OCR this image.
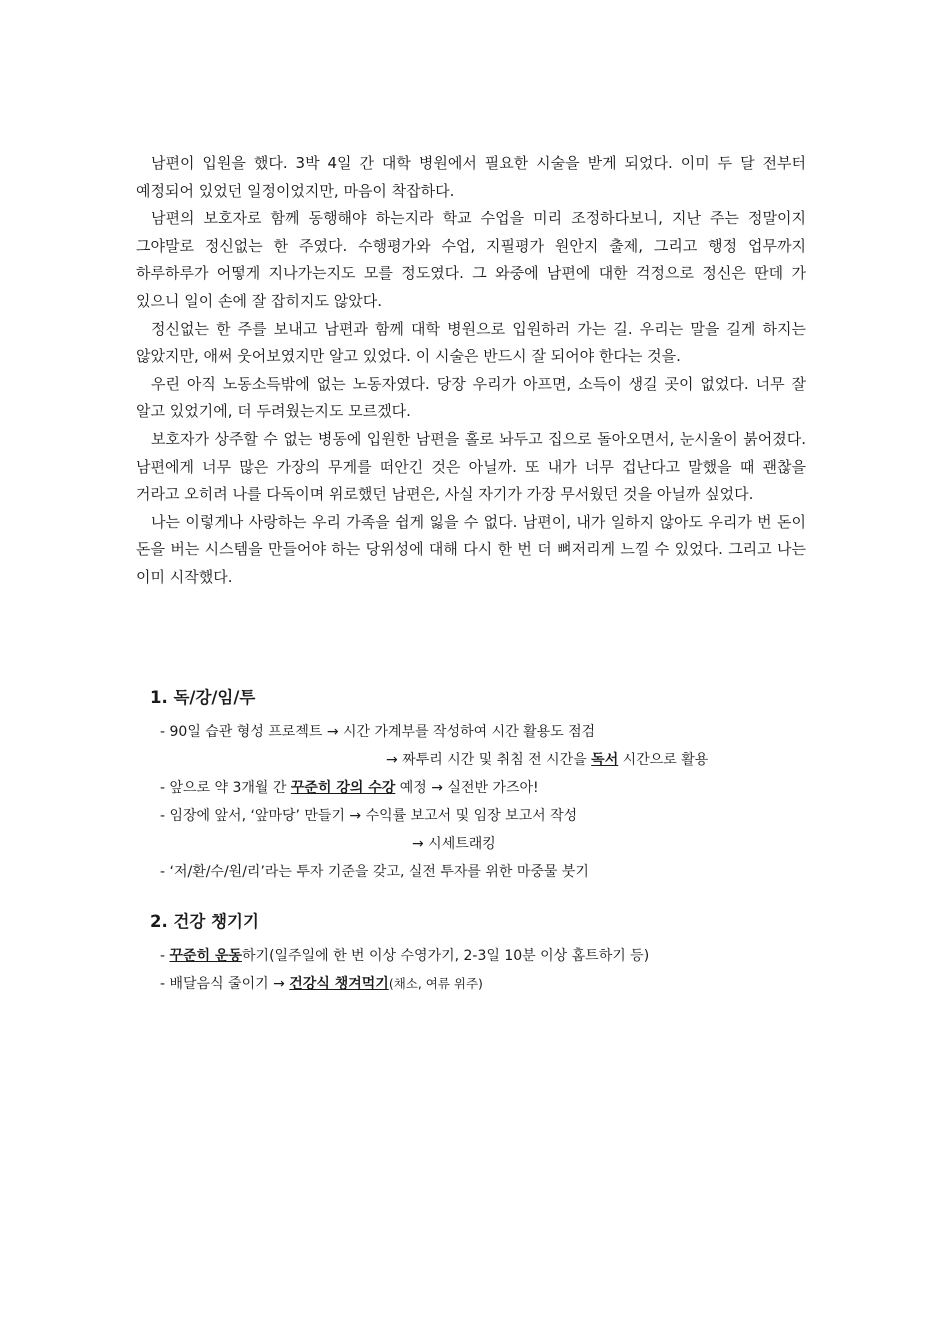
남편이 입원을 했다. 3박 4일 간 대학 병원에서 필요한 시술을 받게 되었다. 이미 두 달 전부터 예정되어 있었던 일정이었지만, 마음이 착잡하다.

남편의 보호자로 함께 동행해야 하는지라 학교 수업을 미리 조정하다보니, 지난 주는 정말이지 그야말로 정신없는 한 주였다. 수행평가와 수업, 지필평가 원안지 출제, 그리고 행정 업무까지 하루하루가 어떻게 지나가는지도 모를 정도였다. 그 와중에 남편에 대한 걱정으로 정신은 딴데 가 있으니 일이 손에 잘 잡히지도 않았다.

정신없는 한 주를 보내고 남편과 함께 대학 병원으로 입원하러 가는 길. 우리는 말을 길게 하지는 않았지만, 애써 웃어보였지만 알고 있었다. 이 시술은 반드시 잘 되어야 한다는 것을.

우린 아직 노동소득밖에 없는 노동자였다. 당장 우리가 아프면, 소득이 생길 곳이 없었다. 너무 잘 알고 있었기에, 더 두려웠는지도 모르겠다.

보호자가 상주할 수 없는 병동에 입원한 남편을 홀로 놔두고 집으로 돌아오면서, 눈시울이 붉어졌다. 남편에게 너무 많은 가장의 무게를 떠안긴 것은 아닐까. 또 내가 너무 겁난다고 말했을 때 괜찮을 거라고 오히려 나를 다독이며 위로했던 남편은, 사실 자기가 가장 무서웠던 것을 아닐까 싶었다.

나는 이렇게나 사랑하는 우리 가족을 쉽게 잃을 수 없다. 남편이, 내가 일하지 않아도 우리가 번 돈이 돈을 버는 시스템을 만들어야 하는 당위성에 대해 다시 한 번 더 뼈저리게 느낄 수 있었다. 그리고 나는 이미 시작했다.

1. 독/강/임/투
- 90일 습관 형성 프로젝트 → 시간 가계부를 작성하여 시간 활용도 점검
→ 짜투리 시간 및 취침 전 시간을 독서 시간으로 활용
- 앞으로 약 3개월 간 꾸준히 강의 수강 예정 → 실전반 가즈아!
- 임장에 앞서, ‘앞마당’ 만들기 → 수익률 보고서 및 임장 보고서 작성
→ 시세트래킹
- ‘저/환/수/원/리’라는 투자 기준을 갖고, 실전 투자를 위한 마중물 붓기
2. 건강 챙기기
- 꾸준히 운동하기(일주일에 한 번 이상 수영가기, 2-3일 10분 이상 홈트하기 등)
- 배달음식 줄이기 → 건강식 챙겨먹기(채소, 여류 위주)
